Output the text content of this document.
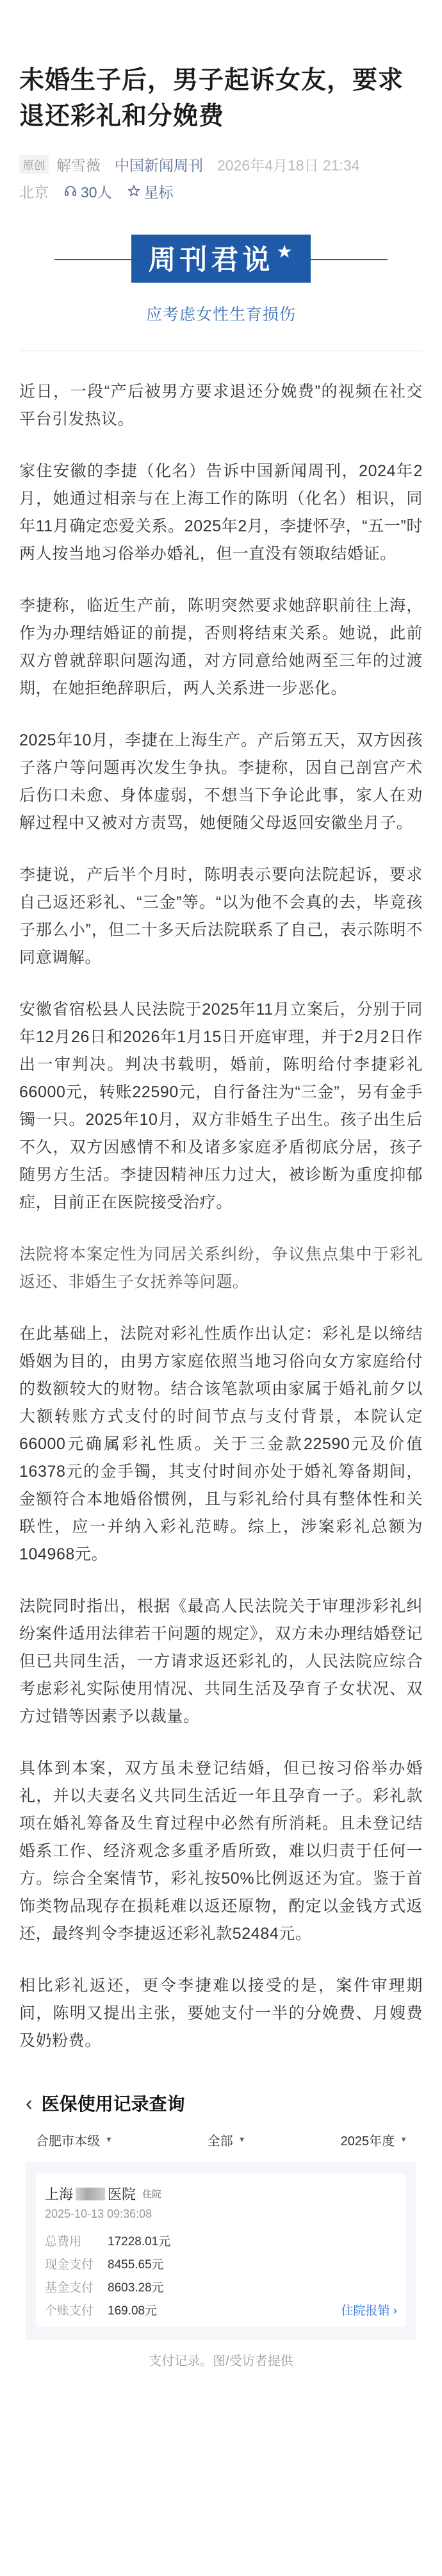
未婚生子后，男子起诉女友，要求退还彩礼和分娩费
原创 解雪薇 中国新闻周刊 2026年4月18日 21:34
北京 30人 星标
周刊君说 ★
应考虑女性生育损伤

近日，一段“产后被男方要求退还分娩费”的视频在社交平台引发热议。

家住安徽的李捷（化名）告诉中国新闻周刊，2024年2月，她通过相亲与在上海工作的陈明（化名）相识，同年11月确定恋爱关系。2025年2月，李捷怀孕，“五一”时两人按当地习俗举办婚礼，但一直没有领取结婚证。

李捷称，临近生产前，陈明突然要求她辞职前往上海，作为办理结婚证的前提，否则将结束关系。她说，此前双方曾就辞职问题沟通，对方同意给她两至三年的过渡期，在她拒绝辞职后，两人关系进一步恶化。

2025年10月，李捷在上海生产。产后第五天，双方因孩子落户等问题再次发生争执。李捷称，因自己剖宫产术后伤口未愈、身体虚弱，不想当下争论此事，家人在劝解过程中又被对方责骂，她便随父母返回安徽坐月子。

李捷说，产后半个月时，陈明表示要向法院起诉，要求自己返还彩礼、“三金”等。“以为他不会真的去，毕竟孩子那么小”，但二十多天后法院联系了自己，表示陈明不同意调解。

安徽省宿松县人民法院于2025年11月立案后，分别于同年12月26日和2026年1月15日开庭审理，并于2月2日作出一审判决。判决书载明，婚前，陈明给付李捷彩礼66000元，转账22590元，自行备注为“三金”，另有金手镯一只。2025年10月，双方非婚生子出生。孩子出生后不久，双方因感情不和及诸多家庭矛盾彻底分居，孩子随男方生活。李捷因精神压力过大，被诊断为重度抑郁症，目前正在医院接受治疗。

法院将本案定性为同居关系纠纷，争议焦点集中于彩礼返还、非婚生子女抚养等问题。

在此基础上，法院对彩礼性质作出认定：彩礼是以缔结婚姻为目的，由男方家庭依照当地习俗向女方家庭给付的数额较大的财物。结合该笔款项由家属于婚礼前夕以大额转账方式支付的时间节点与支付背景，本院认定66000元确属彩礼性质。关于三金款22590元及价值16378元的金手镯，其支付时间亦处于婚礼筹备期间，金额符合本地婚俗惯例，且与彩礼给付具有整体性和关联性，应一并纳入彩礼范畴。综上，涉案彩礼总额为104968元。

法院同时指出，根据《最高人民法院关于审理涉彩礼纠纷案件适用法律若干问题的规定》，双方未办理结婚登记但已共同生活，一方请求返还彩礼的，人民法院应综合考虑彩礼实际使用情况、共同生活及孕育子女状况、双方过错等因素予以裁量。

具体到本案，双方虽未登记结婚，但已按习俗举办婚礼，并以夫妻名义共同生活近一年且孕育一子。彩礼款项在婚礼筹备及生育过程中必然有所消耗。且未登记结婚系工作、经济观念多重矛盾所致，难以归责于任何一方。综合全案情节，彩礼按50%比例返还为宜。鉴于首饰类物品现存在损耗难以返还原物，酌定以金钱方式返还，最终判令李捷返还彩礼款52484元。

相比彩礼返还，更令李捷难以接受的是，案件审理期间，陈明又提出主张，要她支付一半的分娩费、月嫂费及奶粉费。

‹ 医保使用记录查询
合肥市本级 ▼	全部 ▼	2025年度 ▼
上海 医院 住院
2025-10-13 09:36:08
总费用	17228.01元
现金支付	8455.65元
基金支付	8603.28元
个账支付	169.08元	住院报销 ›
支付记录。图/受访者提供
